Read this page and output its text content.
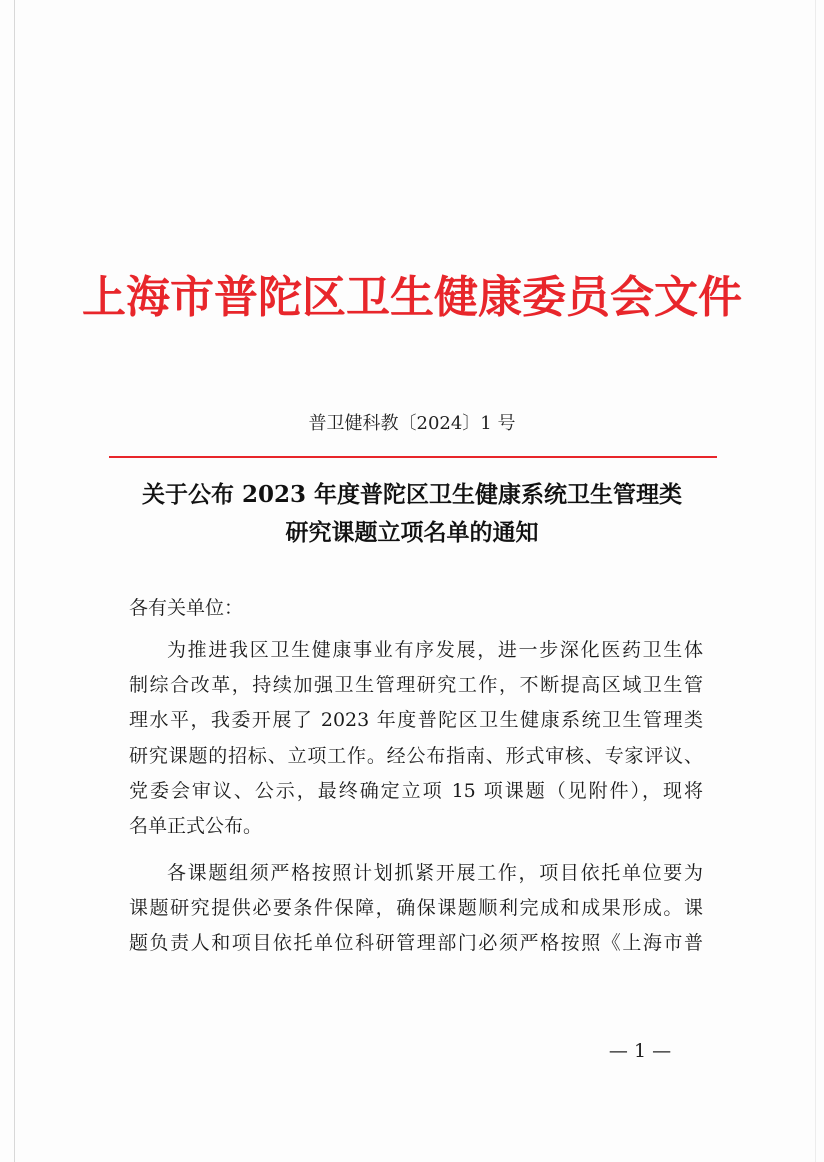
上海市普陀区卫生健康委员会文件
普卫健科教〔2024〕1 号
关于公布 2023 年度普陀区卫生健康系统卫生管理类
研究课题立项名单的通知
各有关单位：
为推进我区卫生健康事业有序发展，进一步深化医药卫生体
制综合改革，持续加强卫生管理研究工作，不断提高区域卫生管
理水平，我委开展了 2023 年度普陀区卫生健康系统卫生管理类
研究课题的招标、立项工作。经公布指南、形式审核、专家评议、
党委会审议、公示，最终确定立项 15 项课题（见附件），现将
名单正式公布。
各课题组须严格按照计划抓紧开展工作，项目依托单位要为
课题研究提供必要条件保障，确保课题顺利完成和成果形成。课
题负责人和项目依托单位科研管理部门必须严格按照《上海市普
— 1 —
